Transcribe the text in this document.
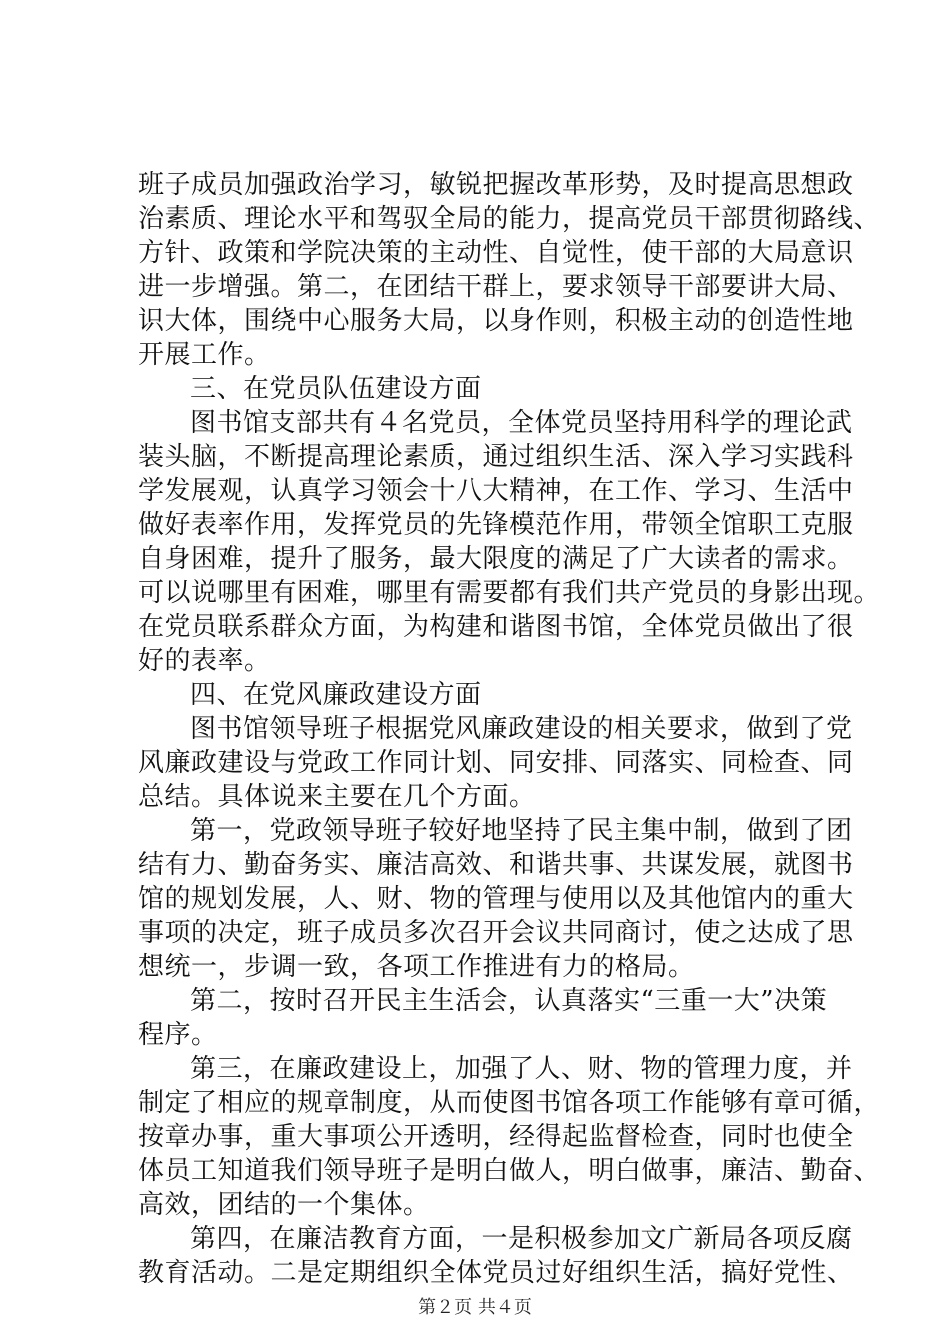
班子成员加强政治学习，敏锐把握改革形势，及时提高思想政
治素质、理论水平和驾驭全局的能力，提高党员干部贯彻路线、
方针、政策和学院决策的主动性、自觉性，使干部的大局意识
进一步增强。第二，在团结干群上，要求领导干部要讲大局、
识大体，围绕中心服务大局，以身作则，积极主动的创造性地
开展工作。
三、在党员队伍建设方面
图书馆支部共有４名党员，全体党员坚持用科学的理论武
装头脑，不断提高理论素质，通过组织生活、深入学习实践科
学发展观，认真学习领会十八大精神，在工作、学习、生活中
做好表率作用，发挥党员的先锋模范作用，带领全馆职工克服
自身困难，提升了服务，最大限度的满足了广大读者的需求。
可以说哪里有困难，哪里有需要都有我们共产党员的身影出现。
在党员联系群众方面，为构建和谐图书馆，全体党员做出了很
好的表率。
四、在党风廉政建设方面
图书馆领导班子根据党风廉政建设的相关要求，做到了党
风廉政建设与党政工作同计划、同安排、同落实、同检查、同
总结。具体说来主要在几个方面。
第一，党政领导班子较好地坚持了民主集中制，做到了团
结有力、勤奋务实、廉洁高效、和谐共事、共谋发展，就图书
馆的规划发展，人、财、物的管理与使用以及其他馆内的重大
事项的决定，班子成员多次召开会议共同商讨，使之达成了思
想统一，步调一致，各项工作推进有力的格局。
第二，按时召开民主生活会，认真落实“三重一大”决策
程序。
第三，在廉政建设上，加强了人、财、物的管理力度，并
制定了相应的规章制度，从而使图书馆各项工作能够有章可循，
按章办事，重大事项公开透明，经得起监督检查，同时也使全
体员工知道我们领导班子是明白做人，明白做事，廉洁、勤奋、
高效，团结的一个集体。
第四，在廉洁教育方面，一是积极参加文广新局各项反腐
教育活动。二是定期组织全体党员过好组织生活，搞好党性、
第２页 共４页
